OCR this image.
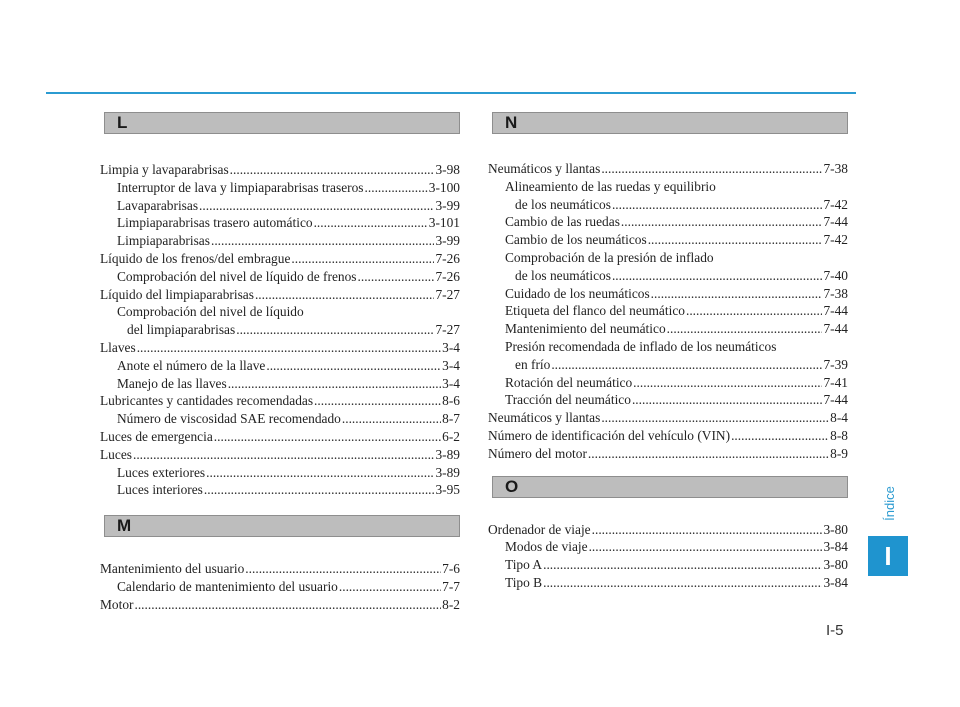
L
Limpia y lavaparabrisas .....	3-98
Interruptor de lava y limpiaparabrisas traseros .....	3-100
Lavaparabrisas .....	3-99
Limpiaparabrisas trasero automático .....	3-101
Limpiaparabrisas .....	3-99
Líquido de los frenos/del embrague .....	7-26
Comprobación del nivel de líquido de frenos .....	7-26
Líquido del limpiaparabrisas .....	7-27
Comprobación del nivel de líquido
del limpiaparabrisas .....	7-27
Llaves .....	3-4
Anote el número de la llave .....	3-4
Manejo de las llaves .....	3-4
Lubricantes y cantidades recomendadas .....	8-6
Número de viscosidad SAE recomendado .....	8-7
Luces de emergencia .....	6-2
Luces .....	3-89
Luces exteriores .....	3-89
Luces interiores .....	3-95
M
Mantenimiento del usuario .....	7-6
Calendario de mantenimiento del usuario .....	7-7
Motor .....	8-2
N
Neumáticos y llantas .....	7-38
Alineamiento de las ruedas y equilibrio
de los neumáticos .....	7-42
Cambio de las ruedas .....	7-44
Cambio de los neumáticos .....	7-42
Comprobación de la presión de inflado
de los neumáticos .....	7-40
Cuidado de los neumáticos .....	7-38
Etiqueta del flanco del neumático .....	7-44
Mantenimiento del neumático .....	7-44
Presión recomendada de inflado de los neumáticos
en frío .....	7-39
Rotación del neumático .....	7-41
Tracción del neumático .....	7-44
Neumáticos y llantas .....	8-4
Número de identificación del vehículo (VIN) .....	8-8
Número del motor .....	8-9
O
Ordenador de viaje .....	3-80
Modos de viaje .....	3-84
Tipo A .....	3-80
Tipo B .....	3-84
Índice
I
I-5
